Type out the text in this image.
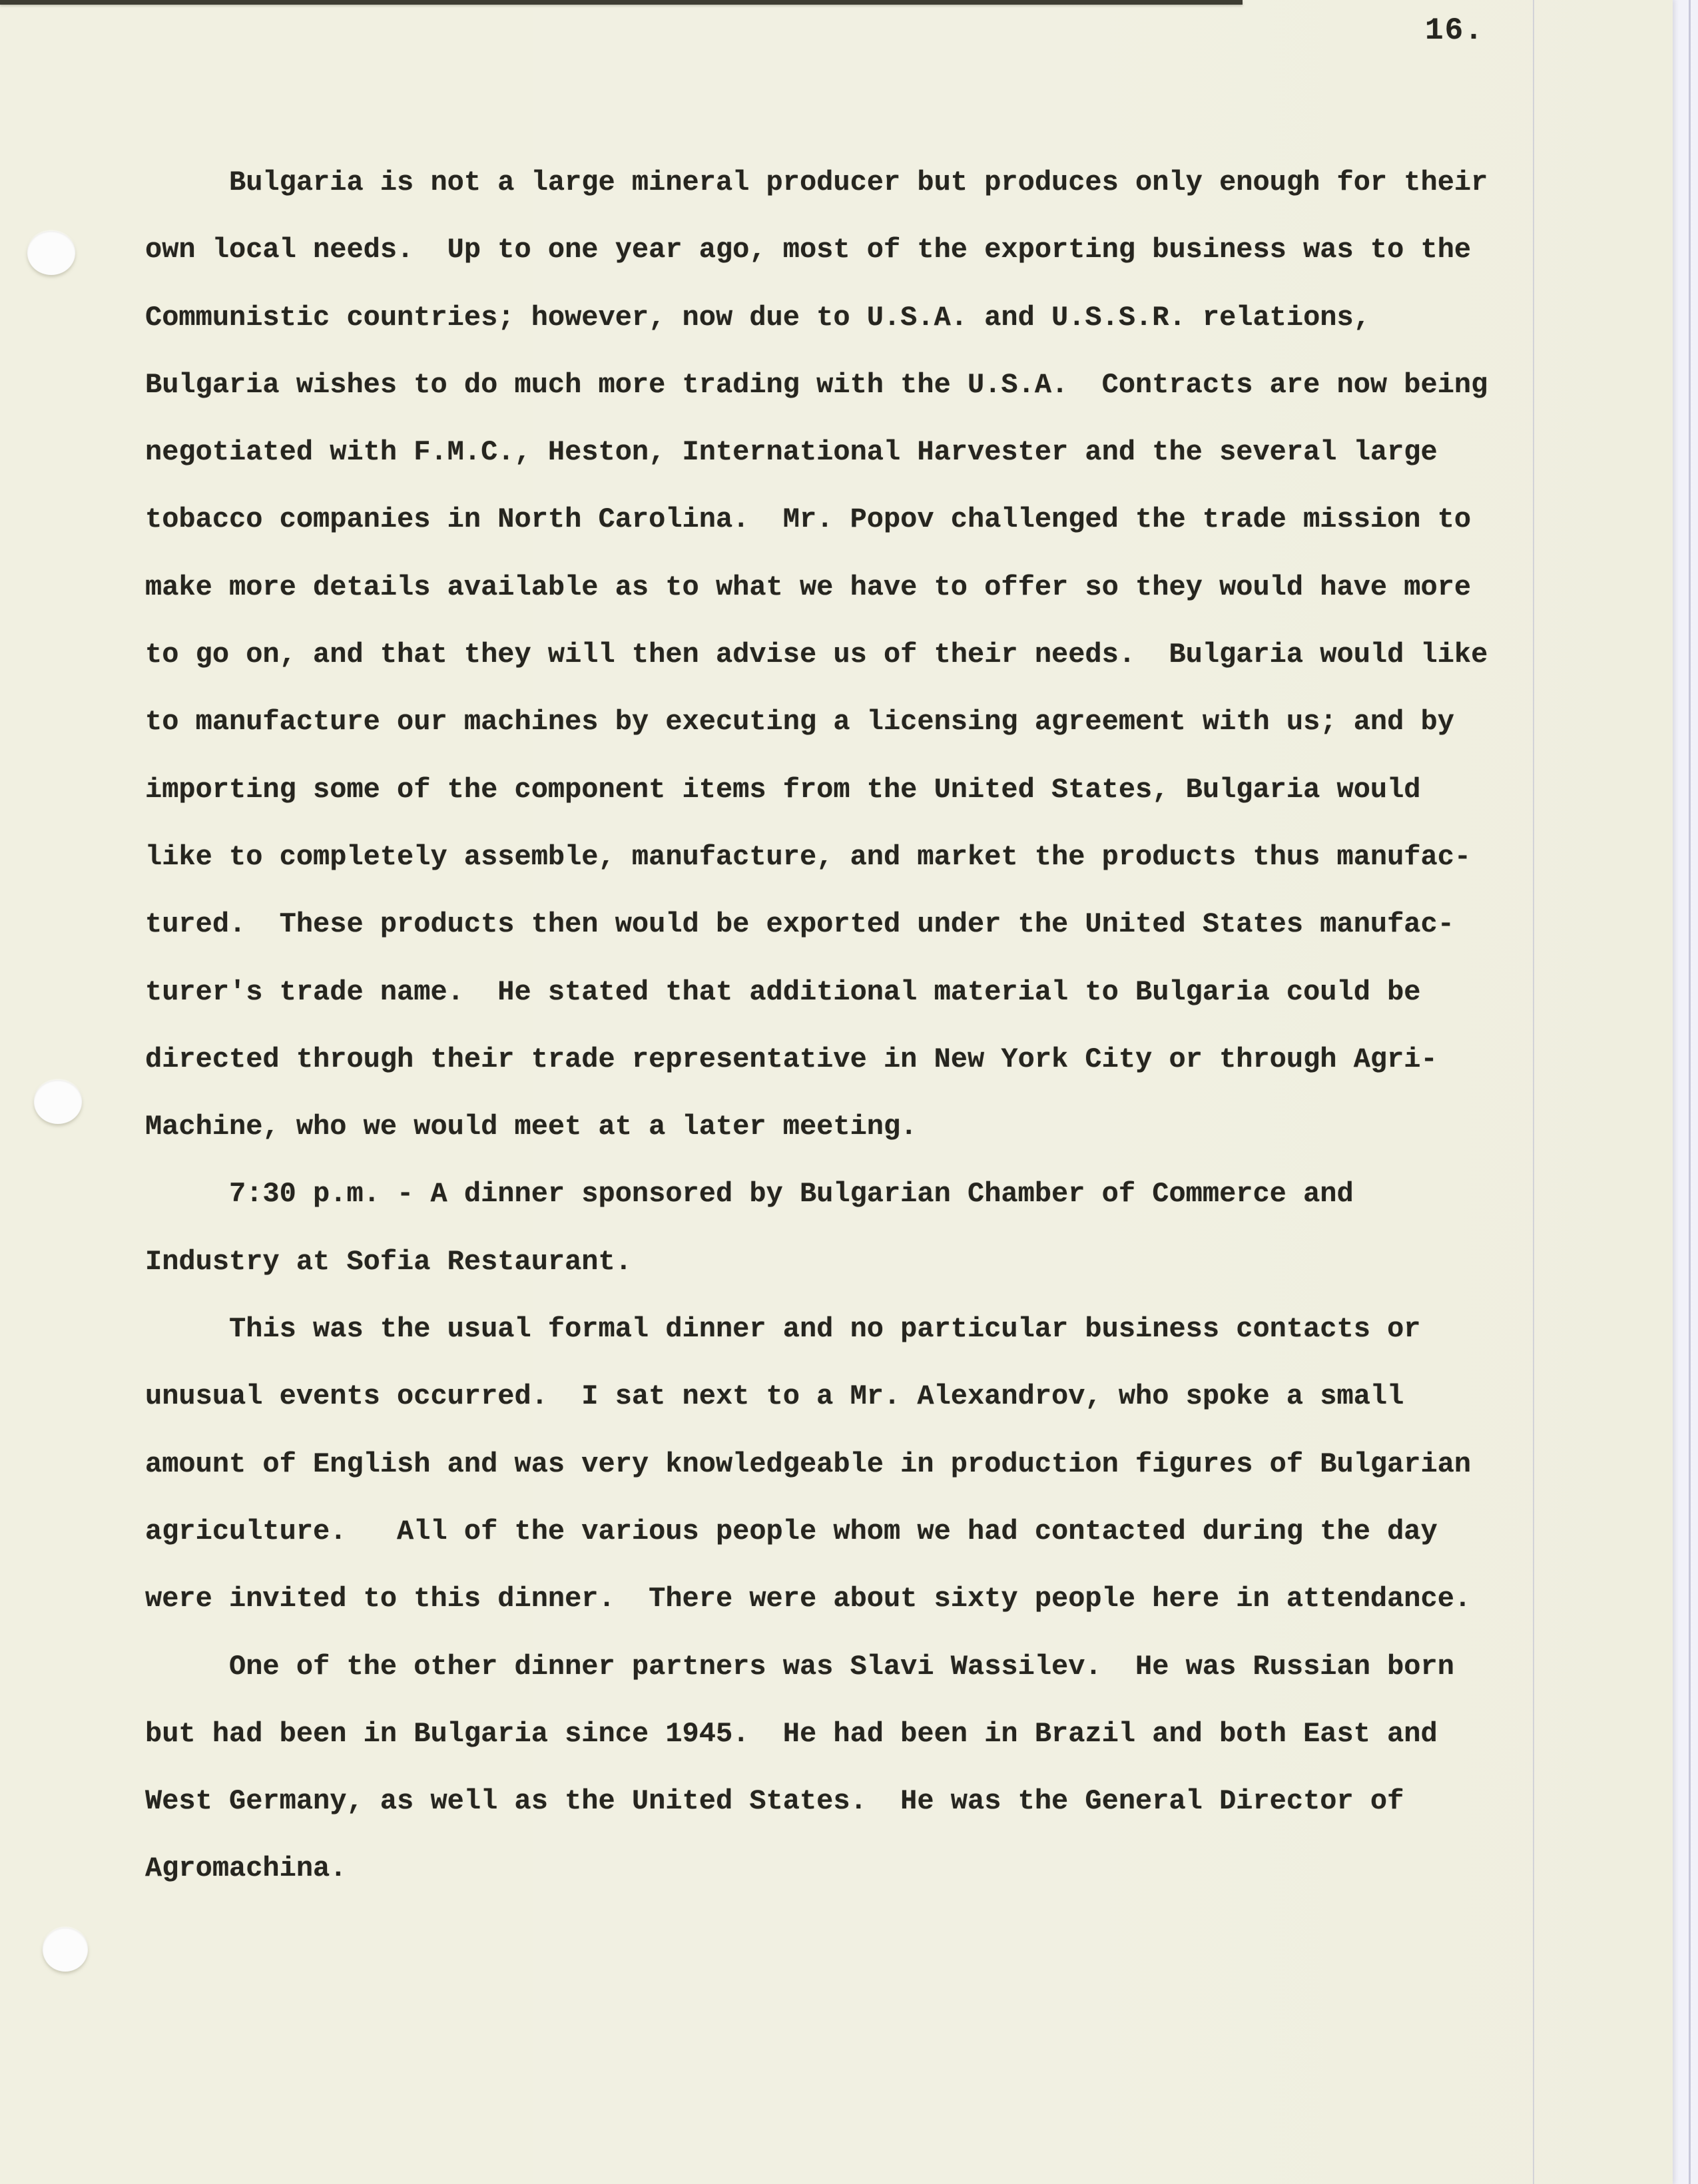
16.
Bulgaria is not a large mineral producer but produces only enough for their
own local needs.  Up to one year ago, most of the exporting business was to the
Communistic countries; however, now due to U.S.A. and U.S.S.R. relations,
Bulgaria wishes to do much more trading with the U.S.A.  Contracts are now being
negotiated with F.M.C., Heston, International Harvester and the several large
tobacco companies in North Carolina.  Mr. Popov challenged the trade mission to
make more details available as to what we have to offer so they would have more
to go on, and that they will then advise us of their needs.  Bulgaria would like
to manufacture our machines by executing a licensing agreement with us; and by
importing some of the component items from the United States, Bulgaria would
like to completely assemble, manufacture, and market the products thus manufac-
tured.  These products then would be exported under the United States manufac-
turer's trade name.  He stated that additional material to Bulgaria could be
directed through their trade representative in New York City or through Agri-
Machine, who we would meet at a later meeting.
7:30 p.m. - A dinner sponsored by Bulgarian Chamber of Commerce and
Industry at Sofia Restaurant.
This was the usual formal dinner and no particular business contacts or
unusual events occurred.  I sat next to a Mr. Alexandrov, who spoke a small
amount of English and was very knowledgeable in production figures of Bulgarian
agriculture.   All of the various people whom we had contacted during the day
were invited to this dinner.  There were about sixty people here in attendance.
One of the other dinner partners was Slavi Wassilev.  He was Russian born
but had been in Bulgaria since 1945.  He had been in Brazil and both East and
West Germany, as well as the United States.  He was the General Director of
Agromachina.
